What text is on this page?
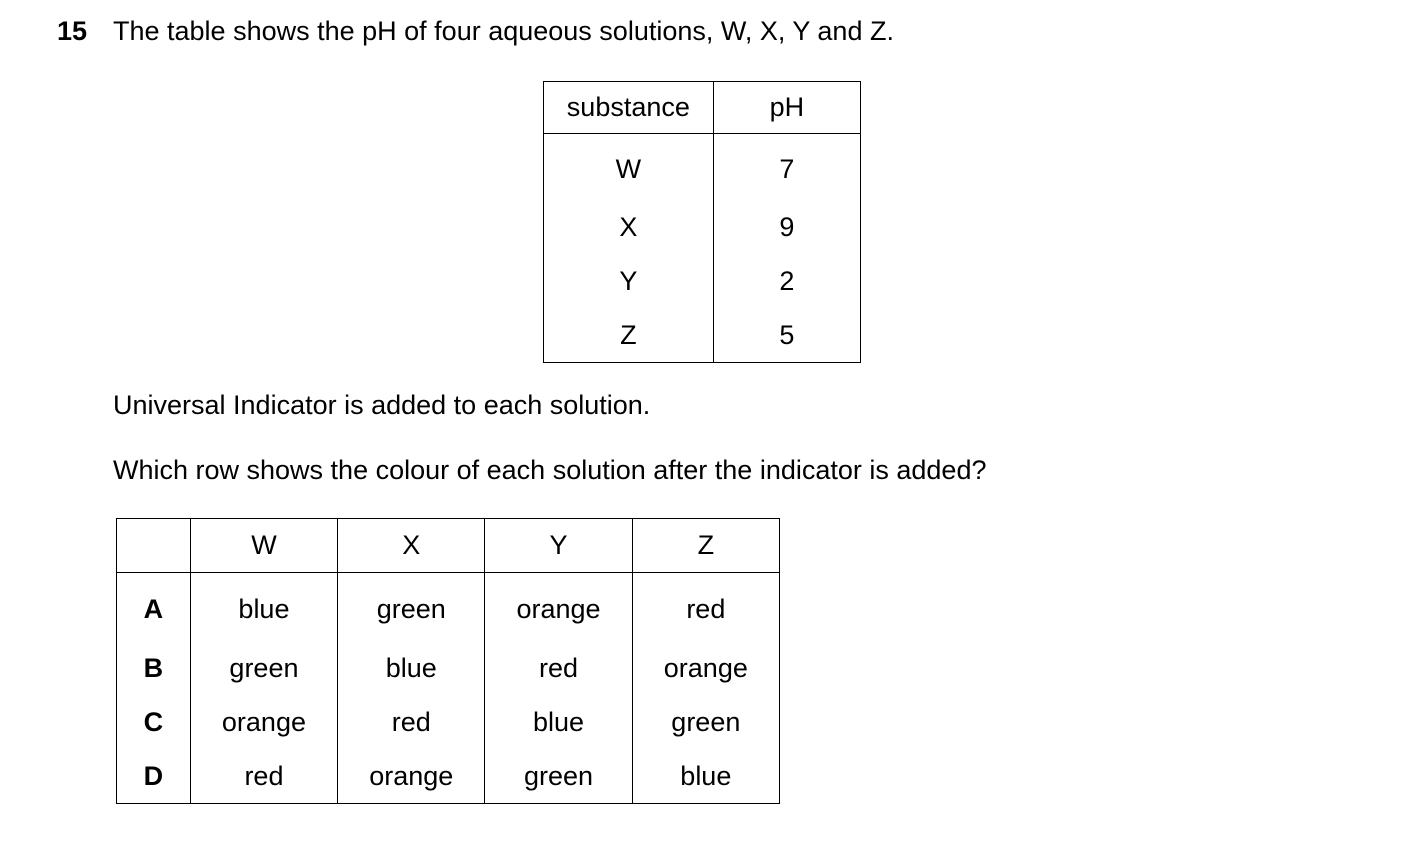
15 The table shows the pH of four aqueous solutions, W, X, Y and Z.
substance	pH
W	7
X	9
Y	2
Z	5
Universal Indicator is added to each solution.
Which row shows the colour of each solution after the indicator is added?
	W	X	Y	Z
A	blue	green	orange	red
B	green	blue	red	orange
C	orange	red	blue	green
D	red	orange	green	blue
